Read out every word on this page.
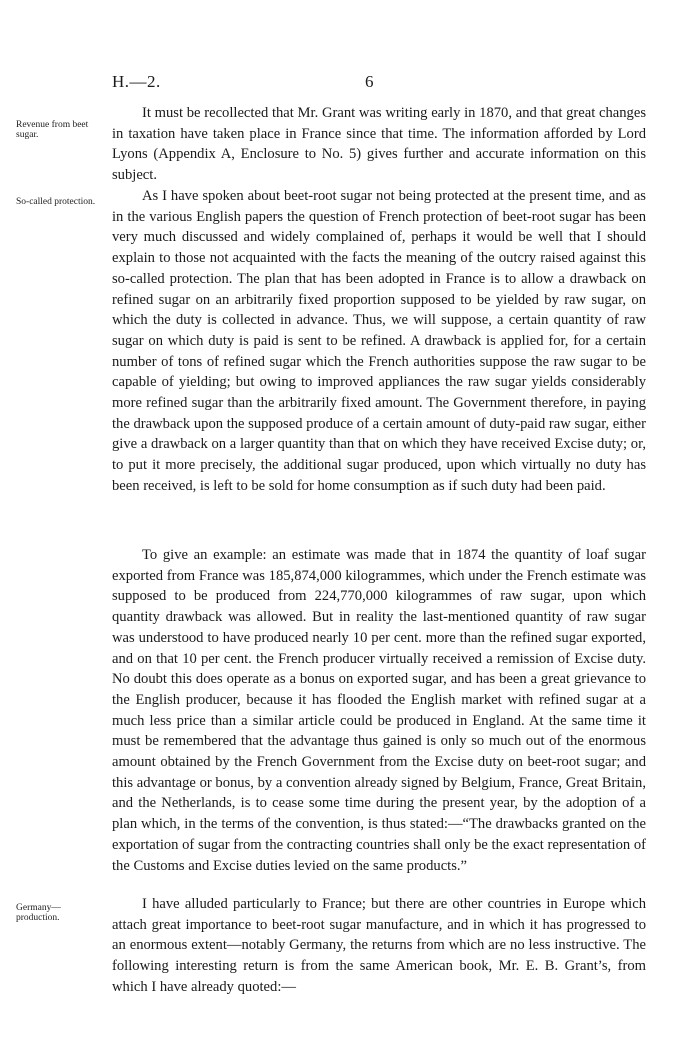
H.—2.	6
Revenue from beet sugar.
So-called protection.
Germany—production.

It must be recollected that Mr. Grant was writing early in 1870, and that great changes in taxation have taken place in France since that time. The information afforded by Lord Lyons (Appendix A, Enclosure to No. 5) gives further and accurate information on this subject.

As I have spoken about beet-root sugar not being protected at the present time, and as in the various English papers the question of French protection of beet-root sugar has been very much discussed and widely complained of, perhaps it would be well that I should explain to those not acquainted with the facts the meaning of the outcry raised against this so-called protection. The plan that has been adopted in France is to allow a drawback on refined sugar on an arbitrarily fixed proportion supposed to be yielded by raw sugar, on which the duty is collected in advance. Thus, we will suppose, a certain quantity of raw sugar on which duty is paid is sent to be refined. A drawback is applied for, for a certain number of tons of refined sugar which the French authorities suppose the raw sugar to be capable of yielding; but owing to improved appliances the raw sugar yields considerably more refined sugar than the arbitrarily fixed amount. The Government therefore, in paying the drawback upon the supposed produce of a certain amount of duty-paid raw sugar, either give a drawback on a larger quantity than that on which they have received Excise duty; or, to put it more precisely, the additional sugar produced, upon which virtually no duty has been received, is left to be sold for home consumption as if such duty had been paid.

To give an example: an estimate was made that in 1874 the quantity of loaf sugar exported from France was 185,874,000 kilogrammes, which under the French estimate was supposed to be produced from 224,770,000 kilogrammes of raw sugar, upon which quantity drawback was allowed. But in reality the last-mentioned quantity of raw sugar was understood to have produced nearly 10 per cent. more than the refined sugar exported, and on that 10 per cent. the French producer virtually received a remission of Excise duty. No doubt this does operate as a bonus on exported sugar, and has been a great grievance to the English producer, because it has flooded the English market with refined sugar at a much less price than a similar article could be produced in England. At the same time it must be remembered that the advantage thus gained is only so much out of the enormous amount obtained by the French Government from the Excise duty on beet-root sugar; and this advantage or bonus, by a convention already signed by Belgium, France, Great Britain, and the Netherlands, is to cease some time during the present year, by the adoption of a plan which, in the terms of the convention, is thus stated:—“The drawbacks granted on the exportation of sugar from the contracting countries shall only be the exact representation of the Customs and Excise duties levied on the same products.”

I have alluded particularly to France; but there are other countries in Europe which attach great importance to beet-root sugar manufacture, and in which it has progressed to an enormous extent—notably Germany, the returns from which are no less instructive. The following interesting return is from the same American book, Mr. E. B. Grant’s, from which I have already quoted:—
